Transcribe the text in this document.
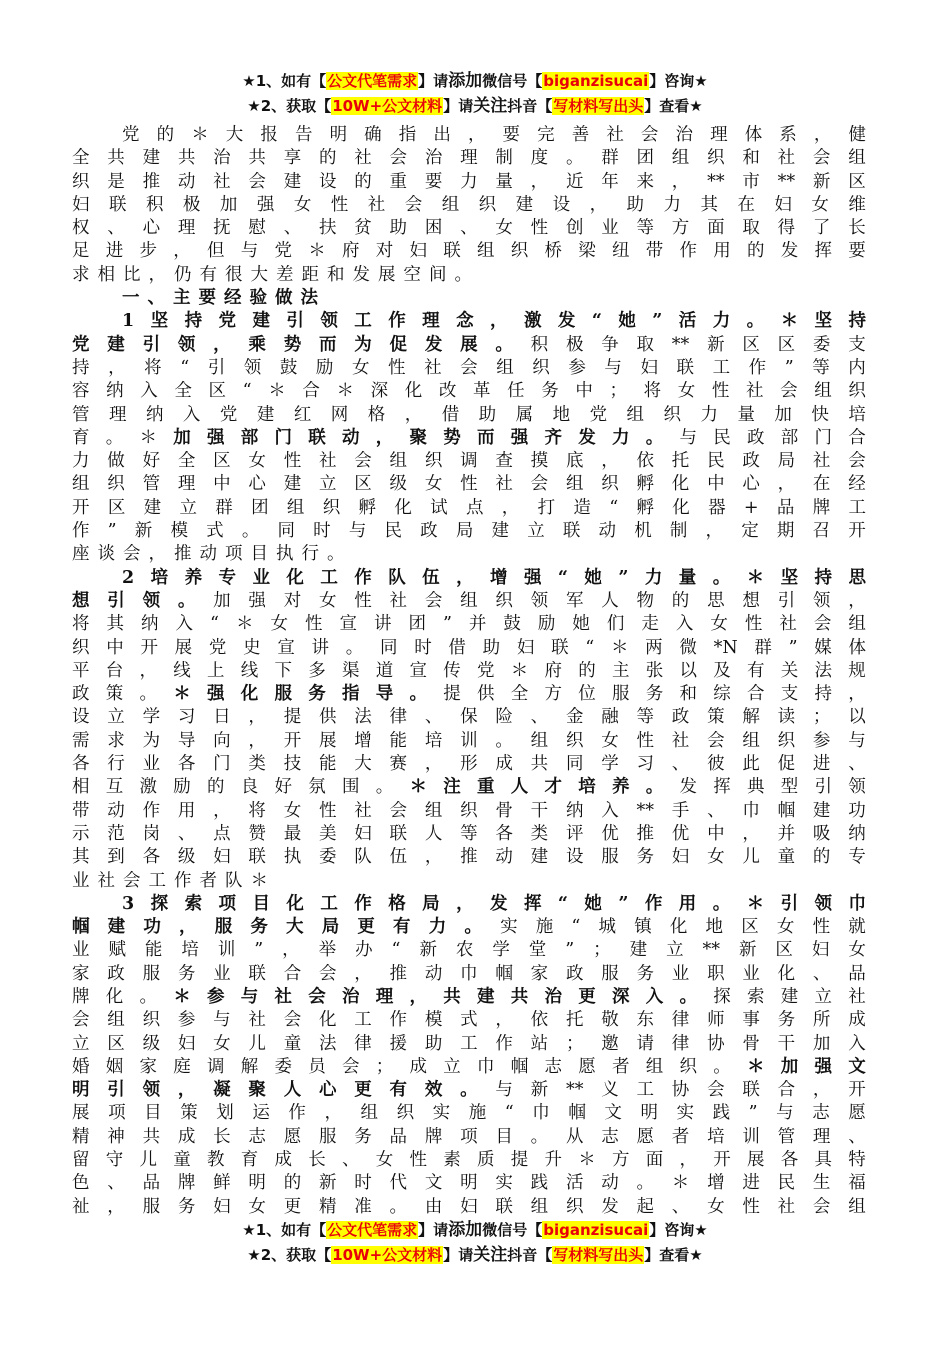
★1、如有【公文代笔需求】请添加微信号【biganzisucai】咨询★
★2、获取【10W+公文材料】请关注抖音【写材料写出头】查看★
党 的 ＊ 大 报 告 明 确 指 出 ， 要 完 善 社 会 治 理 体 系 ， 健
全 共 建 共 治 共 享 的 社 会 治 理 制 度 。 群 团 组 织 和 社 会 组
织 是 推 动 社 会 建 设 的 重 要 力 量 ， 近 年 来 ， ** 市 ** 新 区
妇 联 积 极 加 强 女 性 社 会 组 织 建 设 ， 助 力 其 在 妇 女 维
权 、 心 理 抚 慰 、 扶 贫 助 困 、 女 性 创 业 等 方 面 取 得 了 长
足 进 步 ， 但 与 党 ＊ 府 对 妇 联 组 织 桥 梁 纽 带 作 用 的 发 挥 要
求相比，仍有很大差距和发展空间。
一、主要经验做法
1 坚 持 党 建 引 领 工 作 理 念 ， 激 发 “ 她 ” 活 力 。 ＊ 坚 持
党 建 引 领 ， 乘 势 而 为 促 发 展 。 积 极 争 取 ** 新 区 区 委 支
持 ， 将 “ 引 领 鼓 励 女 性 社 会 组 织 参 与 妇 联 工 作 ” 等 内
容 纳 入 全 区 “ ＊ 合 ＊ 深 化 改 革 任 务 中 ； 将 女 性 社 会 组 织
管 理 纳 入 党 建 红 网 格 ， 借 助 属 地 党 组 织 力 量 加 快 培
育 。 ＊ 加 强 部 门 联 动 ， 聚 势 而 强 齐 发 力 。 与 民 政 部 门 合
力 做 好 全 区 女 性 社 会 组 织 调 查 摸 底 ， 依 托 民 政 局 社 会
组 织 管 理 中 心 建 立 区 级 女 性 社 会 组 织 孵 化 中 心 ， 在 经
开 区 建 立 群 团 组 织 孵 化 试 点 ， 打 造 “ 孵 化 器 + 品 牌 工
作 ” 新 模 式 。 同 时 与 民 政 局 建 立 联 动 机 制 ， 定 期 召 开
座谈会，推动项目执行。
2 培 养 专 业 化 工 作 队 伍 ， 增 强 “ 她 ” 力 量 。 ＊ 坚 持 思
想 引 领 。 加 强 对 女 性 社 会 组 织 领 军 人 物 的 思 想 引 领 ，
将 其 纳 入 “ ＊ 女 性 宣 讲 团 ” 并 鼓 励 她 们 走 入 女 性 社 会 组
织 中 开 展 党 史 宣 讲 。 同 时 借 助 妇 联 “ ＊ 两 微 *N 群 ” 媒 体
平 台 ， 线 上 线 下 多 渠 道 宣 传 党 ＊ 府 的 主 张 以 及 有 关 法 规
政 策 。 ＊ 强 化 服 务 指 导 。 提 供 全 方 位 服 务 和 综 合 支 持 ，
设 立 学 习 日 ， 提 供 法 律 、 保 险 、 金 融 等 政 策 解 读 ； 以
需 求 为 导 向 ， 开 展 增 能 培 训 。 组 织 女 性 社 会 组 织 参 与
各 行 业 各 门 类 技 能 大 赛 ， 形 成 共 同 学 习 、 彼 此 促 进 、
相 互 激 励 的 良 好 氛 围 。 ＊ 注 重 人 才 培 养 。 发 挥 典 型 引 领
带 动 作 用 ， 将 女 性 社 会 组 织 骨 干 纳 入 ** 手 、 巾 帼 建 功
示 范 岗 、 点 赞 最 美 妇 联 人 等 各 类 评 优 推 优 中 ， 并 吸 纳
其 到 各 级 妇 联 执 委 队 伍 ， 推 动 建 设 服 务 妇 女 儿 童 的 专
业社会工作者队＊
3 探 索 项 目 化 工 作 格 局 ， 发 挥 “ 她 ” 作 用 。 ＊ 引 领 巾
帼 建 功 ， 服 务 大 局 更 有 力 。 实 施 “ 城 镇 化 地 区 女 性 就
业 赋 能 培 训 ” ， 举 办 “ 新 农 学 堂 ” ； 建 立 ** 新 区 妇 女
家 政 服 务 业 联 合 会 ， 推 动 巾 帼 家 政 服 务 业 职 业 化 、 品
牌 化 。 ＊ 参 与 社 会 治 理 ， 共 建 共 治 更 深 入 。 探 索 建 立 社
会 组 织 参 与 社 会 化 工 作 模 式 ， 依 托 敬 东 律 师 事 务 所 成
立 区 级 妇 女 儿 童 法 律 援 助 工 作 站 ； 邀 请 律 协 骨 干 加 入
婚 姻 家 庭 调 解 委 员 会 ； 成 立 巾 帼 志 愿 者 组 织 。 ＊ 加 强 文
明 引 领 ， 凝 聚 人 心 更 有 效 。 与 新 ** 义 工 协 会 联 合 ， 开
展 项 目 策 划 运 作 ， 组 织 实 施 “ 巾 帼 文 明 实 践 ” 与 志 愿
精 神 共 成 长 志 愿 服 务 品 牌 项 目 。 从 志 愿 者 培 训 管 理 、
留 守 儿 童 教 育 成 长 、 女 性 素 质 提 升 ＊ 方 面 ， 开 展 各 具 特
色 、 品 牌 鲜 明 的 新 时 代 文 明 实 践 活 动 。 ＊ 增 进 民 生 福
祉 ， 服 务 妇 女 更 精 准 。 由 妇 联 组 织 发 起 、 女 性 社 会 组
★1、如有【公文代笔需求】请添加微信号【biganzisucai】咨询★
★2、获取【10W+公文材料】请关注抖音【写材料写出头】查看★
